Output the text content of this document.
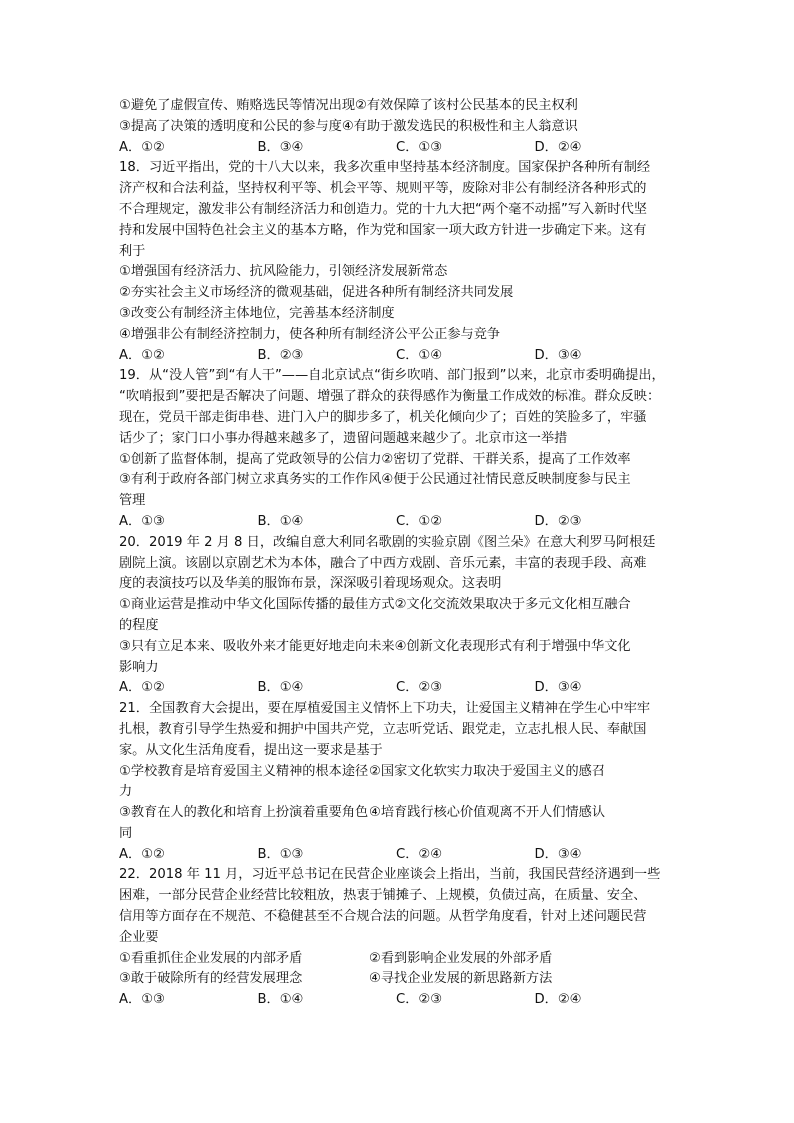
①避免了虚假宣传、贿赂选民等情况出现②有效保障了该村公民基本的民主权利
③提高了决策的透明度和公民的参与度④有助于激发选民的积极性和主人翁意识
A．①②	B．③④	C．①③	D．②④
18．习近平指出，党的十八大以来，我多次重申坚持基本经济制度。国家保护各种所有制经
济产权和合法利益，坚持权利平等、机会平等、规则平等，废除对非公有制经济各种形式的
不合理规定，激发非公有制经济活力和创造力。党的十九大把“两个毫不动摇”写入新时代坚
持和发展中国特色社会主义的基本方略，作为党和国家一项大政方针进一步确定下来。这有
利于
①增强国有经济活力、抗风险能力，引领经济发展新常态
②夯实社会主义市场经济的微观基础，促进各种所有制经济共同发展
③改变公有制经济主体地位，完善基本经济制度
④增强非公有制经济控制力，使各种所有制经济公平公正参与竞争
A．①②	B．②③	C．①④	D．③④
19．从“没人管”到“有人干”——自北京试点“街乡吹哨、部门报到”以来，北京市委明确提出，
“吹哨报到”要把是否解决了问题、增强了群众的获得感作为衡量工作成效的标准。群众反映：
现在，党员干部走街串巷、进门入户的脚步多了，机关化倾向少了；百姓的笑脸多了，牢骚
话少了；家门口小事办得越来越多了，遗留问题越来越少了。北京市这一举措
①创新了监督体制，提高了党政领导的公信力②密切了党群、干群关系，提高了工作效率
③有利于政府各部门树立求真务实的工作作风④便于公民通过社情民意反映制度参与民主
管理
A．①③	B．①④	C．①②	D．②③
20．2019 年 2 月 8 日，改编自意大利同名歌剧的实验京剧《图兰朵》在意大利罗马阿根廷
剧院上演。该剧以京剧艺术为本体，融合了中西方戏剧、音乐元素，丰富的表现手段、高难
度的表演技巧以及华美的服饰布景，深深吸引着现场观众。这表明
①商业运营是推动中华文化国际传播的最佳方式②文化交流效果取决于多元文化相互融合
的程度
③只有立足本来、吸收外来才能更好地走向未来④创新文化表现形式有利于增强中华文化
影响力
A．①②	B．①④	C．②③	D．③④
21．全国教育大会提出，要在厚植爱国主义情怀上下功夫，让爱国主义精神在学生心中牢牢
扎根，教育引导学生热爱和拥护中国共产党，立志听党话、跟党走，立志扎根人民、奉献国
家。从文化生活角度看，提出这一要求是基于
①学校教育是培育爱国主义精神的根本途径 ②国家文化软实力取决于爱国主义的感召
力
③教育在人的教化和培育上扮演着重要角色 ④培育践行核心价值观离不开人们情感认
同
A．①②	B．①③	C．②④	D．③④
22．2018 年 11 月，习近平总书记在民营企业座谈会上指出，当前，我国民营经济遇到一些
困难，一部分民营企业经营比较粗放，热衷于铺摊子、上规模，负债过高，在质量、安全、
信用等方面存在不规范、不稳健甚至不合规合法的问题。从哲学角度看，针对上述问题民营
企业要
①看重抓住企业发展的内部矛盾	②看到影响企业发展的外部矛盾
③敢于破除所有的经营发展理念	④寻找企业发展的新思路新方法
A．①③	B．①④	C．②③	D．②④
